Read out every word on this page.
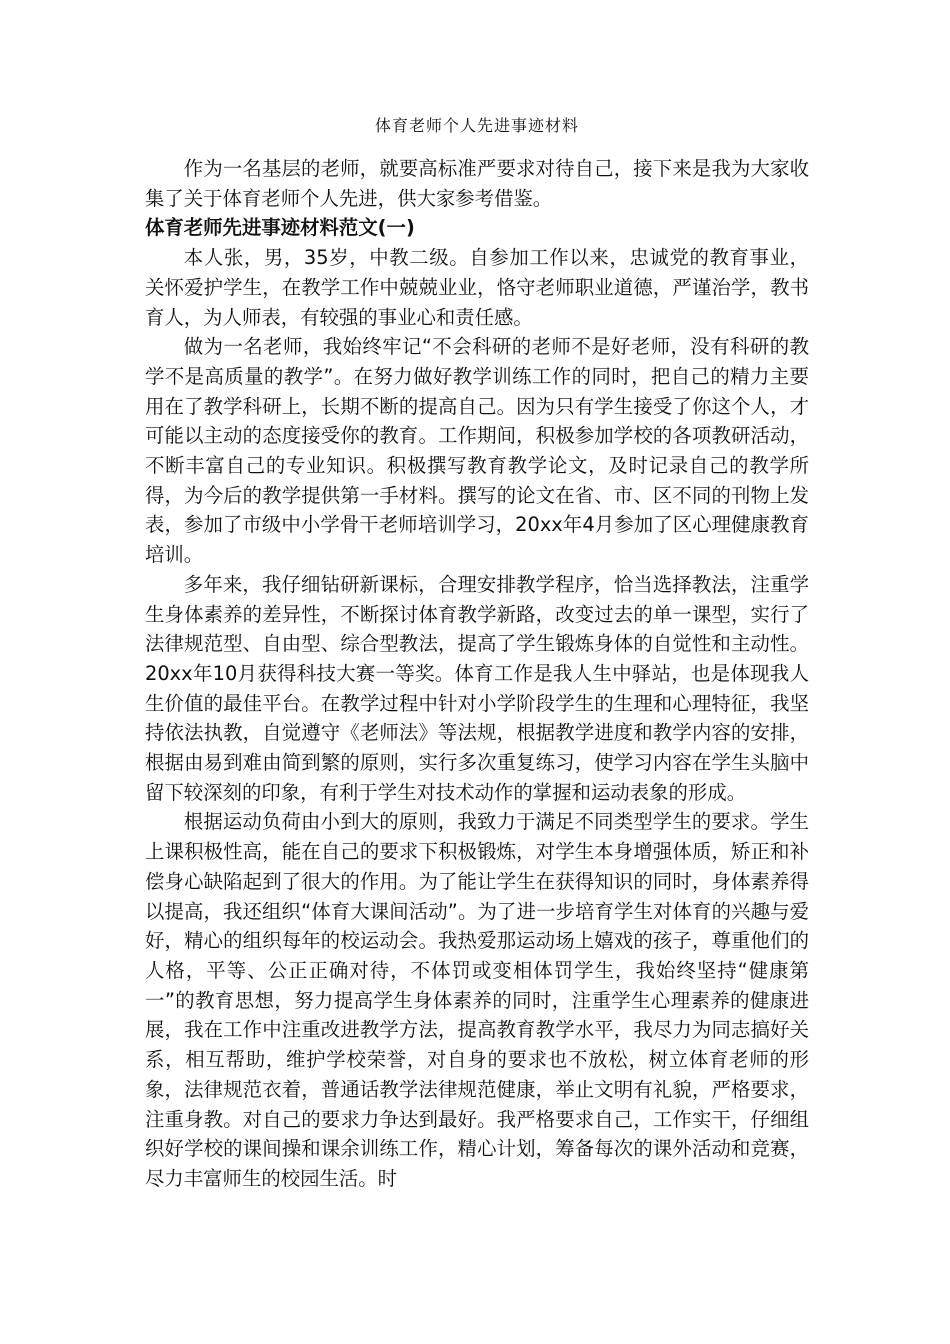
体育老师个人先进事迹材料

作为一名基层的老师，就要高标准严要求对待自己，接下来是我为大家收集了关于体育老师个人先进，供大家参考借鉴。

体育老师先进事迹材料范文(一)

本人张，男，35岁，中教二级。自参加工作以来，忠诚党的教育事业，关怀爱护学生，在教学工作中兢兢业业，恪守老师职业道德，严谨治学，教书育人，为人师表，有较强的事业心和责任感。

做为一名老师，我始终牢记“不会科研的老师不是好老师，没有科研的教学不是高质量的教学”。在努力做好教学训练工作的同时，把自己的精力主要用在了教学科研上，长期不断的提高自己。因为只有学生接受了你这个人，才可能以主动的态度接受你的教育。工作期间，积极参加学校的各项教研活动，不断丰富自己的专业知识。积极撰写教育教学论文，及时记录自己的教学所得，为今后的教学提供第一手材料。撰写的论文在省、市、区不同的刊物上发表，参加了市级中小学骨干老师培训学习，20xx年4月参加了区心理健康教育培训。

多年来，我仔细钻研新课标，合理安排教学程序，恰当选择教法，注重学生身体素养的差异性，不断探讨体育教学新路，改变过去的单一课型，实行了法律规范型、自由型、综合型教法，提高了学生锻炼身体的自觉性和主动性。20xx年10月获得科技大赛一等奖。体育工作是我人生中驿站，也是体现我人生价值的最佳平台。在教学过程中针对小学阶段学生的生理和心理特征，我坚持依法执教，自觉遵守《老师法》等法规，根据教学进度和教学内容的安排，根据由易到难由简到繁的原则，实行多次重复练习，使学习内容在学生头脑中留下较深刻的印象，有利于学生对技术动作的掌握和运动表象的形成。

根据运动负荷由小到大的原则，我致力于满足不同类型学生的要求。学生上课积极性高，能在自己的要求下积极锻炼，对学生本身增强体质，矫正和补偿身心缺陷起到了很大的作用。为了能让学生在获得知识的同时，身体素养得以提高，我还组织“体育大课间活动”。为了进一步培育学生对体育的兴趣与爱好，精心的组织每年的校运动会。我热爱那运动场上嬉戏的孩子，尊重他们的人格，平等、公正正确对待，不体罚或变相体罚学生，我始终坚持“健康第一”的教育思想，努力提高学生身体素养的同时，注重学生心理素养的健康进展，我在工作中注重改进教学方法，提高教育教学水平，我尽力为同志搞好关系，相互帮助，维护学校荣誉，对自身的要求也不放松，树立体育老师的形象，法律规范衣着，普通话教学法律规范健康，举止文明有礼貌，严格要求，注重身教。对自己的要求力争达到最好。我严格要求自己，工作实干，仔细组织好学校的课间操和课余训练工作，精心计划，筹备每次的课外活动和竞赛，尽力丰富师生的校园生活。时
